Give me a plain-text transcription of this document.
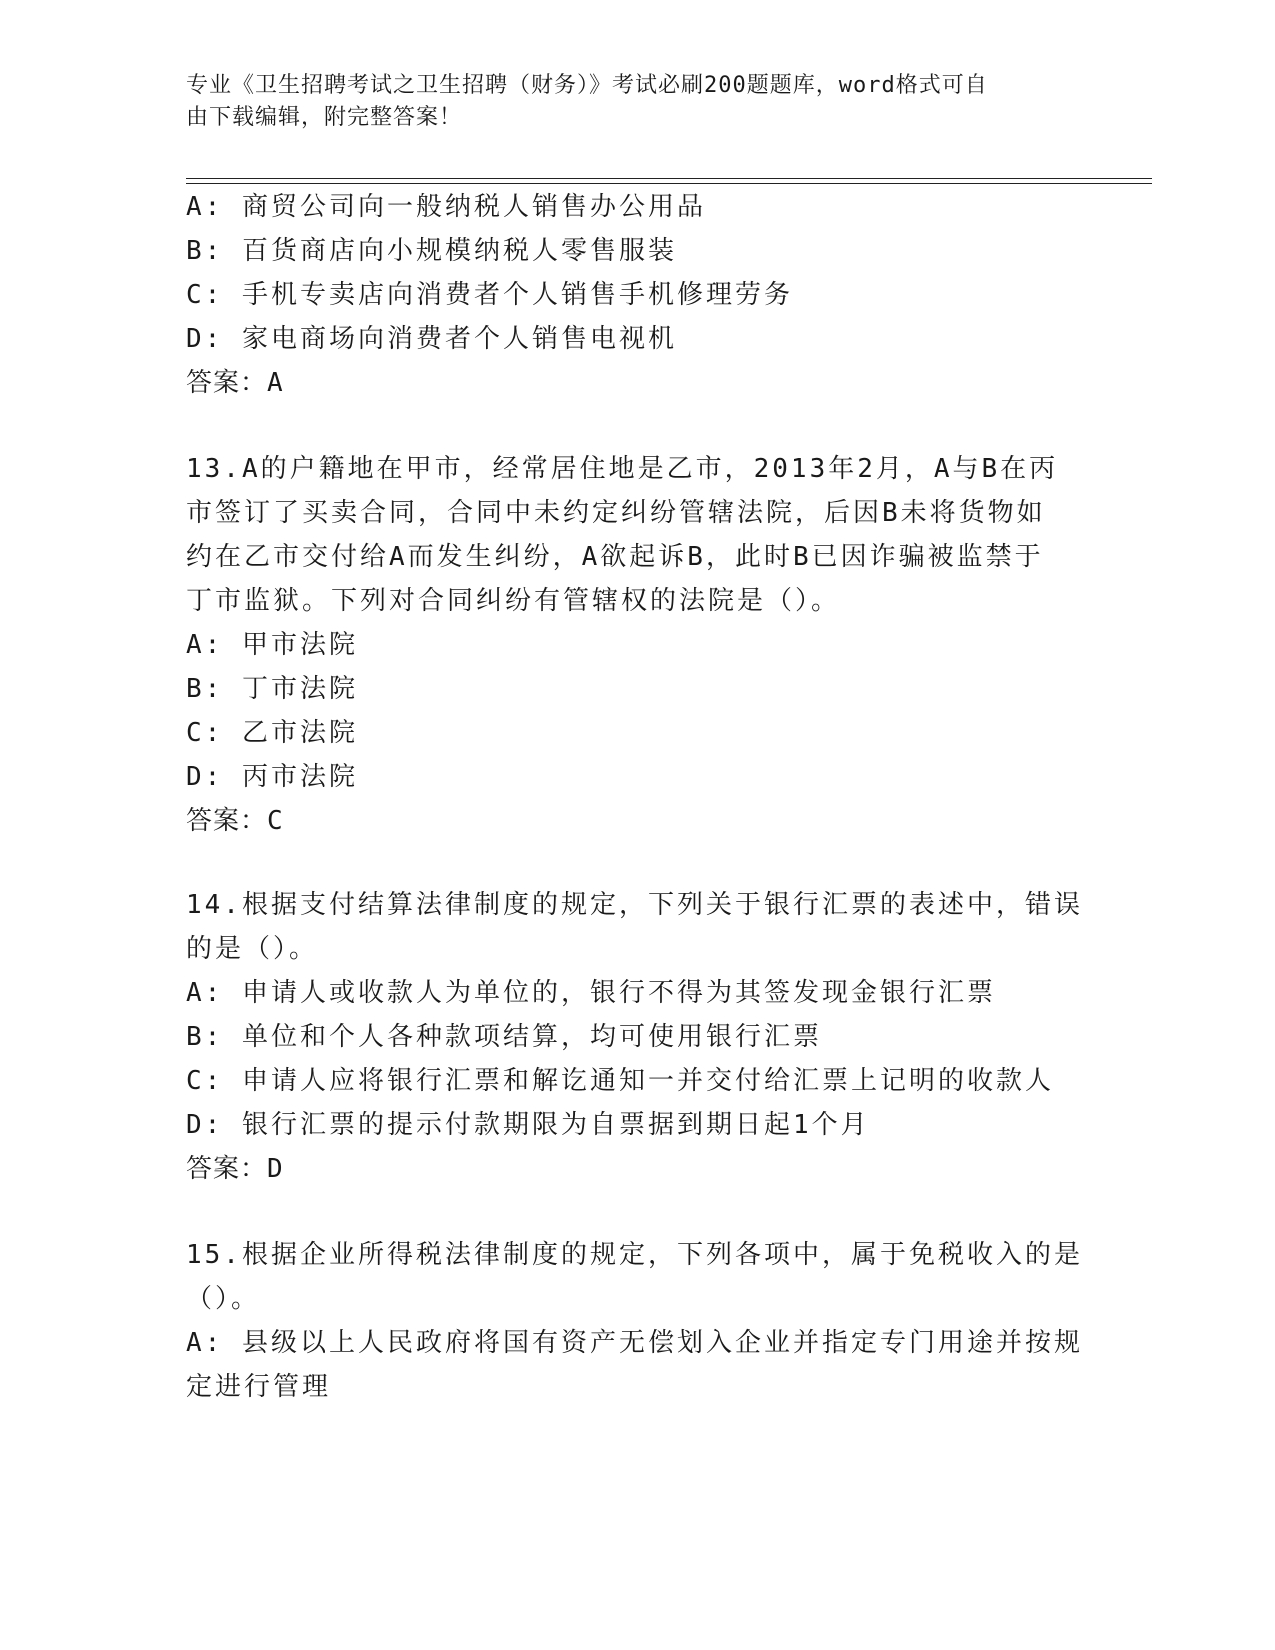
专业《卫生招聘考试之卫生招聘（财务）》考试必刷200题题库，word格式可自
由下载编辑，附完整答案！
A: 商贸公司向一般纳税人销售办公用品
B: 百货商店向小规模纳税人零售服装
C: 手机专卖店向消费者个人销售手机修理劳务
D: 家电商场向消费者个人销售电视机
答案：A
13.A的户籍地在甲市，经常居住地是乙市，2013年2月，A与B在丙
市签订了买卖合同，合同中未约定纠纷管辖法院，后因B未将货物如
约在乙市交付给A而发生纠纷，A欲起诉B，此时B已因诈骗被监禁于
丁市监狱。下列对合同纠纷有管辖权的法院是（）。
A: 甲市法院
B: 丁市法院
C: 乙市法院
D: 丙市法院
答案：C
14.根据支付结算法律制度的规定，下列关于银行汇票的表述中，错误
的是（）。
A: 申请人或收款人为单位的，银行不得为其签发现金银行汇票
B: 单位和个人各种款项结算，均可使用银行汇票
C: 申请人应将银行汇票和解讫通知一并交付给汇票上记明的收款人
D: 银行汇票的提示付款期限为自票据到期日起1个月
答案：D
15.根据企业所得税法律制度的规定，下列各项中，属于免税收入的是
（）。
A: 县级以上人民政府将国有资产无偿划入企业并指定专门用途并按规
定进行管理
